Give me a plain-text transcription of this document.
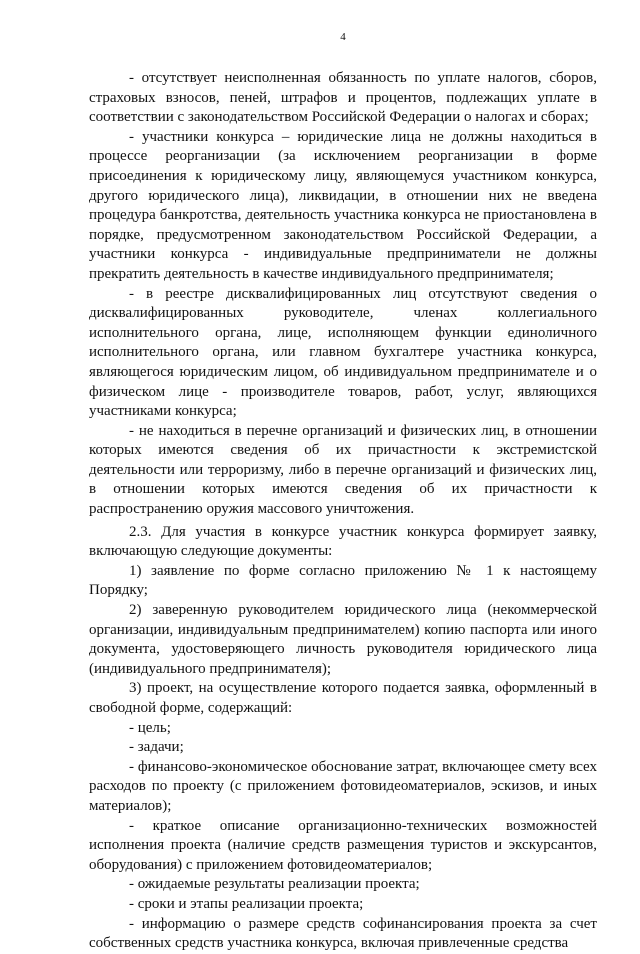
4

- отсутствует неисполненная обязанность по уплате налогов, сборов, страховых взносов, пеней, штрафов и процентов, подлежащих уплате в соответствии с законодательством Российской Федерации о налогах и сборах;

- участники конкурса – юридические лица не должны находиться в процессе реорганизации (за исключением реорганизации в форме присоединения к юридическому лицу, являющемуся участником конкурса, другого юридического лица), ликвидации, в отношении них не введена процедура банкротства, деятельность участника конкурса не приостановлена в порядке, предусмотренном законодательством Российской Федерации, а участники конкурса - индивидуальные предприниматели не должны прекратить деятельность в качестве индивидуального предпринимателя;

- в реестре дисквалифицированных лиц отсутствуют сведения о дисквалифицированных руководителе, членах коллегиального исполнительного органа, лице, исполняющем функции единоличного исполнительного органа, или главном бухгалтере участника конкурса, являющегося юридическим лицом, об индивидуальном предпринимателе и о физическом лице - производителе товаров, работ, услуг, являющихся участниками конкурса;

- не находиться в перечне организаций и физических лиц, в отношении которых имеются сведения об их причастности к экстремистской деятельности или терроризму, либо в перечне организаций и физических лиц, в отношении которых имеются сведения об их причастности к распространению оружия массового уничтожения.

2.3. Для участия в конкурсе участник конкурса формирует заявку, включающую следующие документы:

1) заявление по форме согласно приложению № 1 к настоящему Порядку;

2) заверенную руководителем юридического лица (некоммерческой организации, индивидуальным предпринимателем) копию паспорта или иного документа, удостоверяющего личность руководителя юридического лица (индивидуального предпринимателя);

3) проект, на осуществление которого подается заявка, оформленный в свободной форме, содержащий:

- цель;

- задачи;

- финансово-экономическое обоснование затрат, включающее смету всех расходов по проекту (с приложением фотовидеоматериалов, эскизов, и иных материалов);

- краткое описание организационно-технических возможностей исполнения проекта (наличие средств размещения туристов и экскурсантов, оборудования) с приложением фотовидеоматериалов;

- ожидаемые результаты реализации проекта;

- сроки и этапы реализации проекта;

- информацию о размере средств софинансирования проекта за счет собственных средств участника конкурса, включая привлеченные средства
